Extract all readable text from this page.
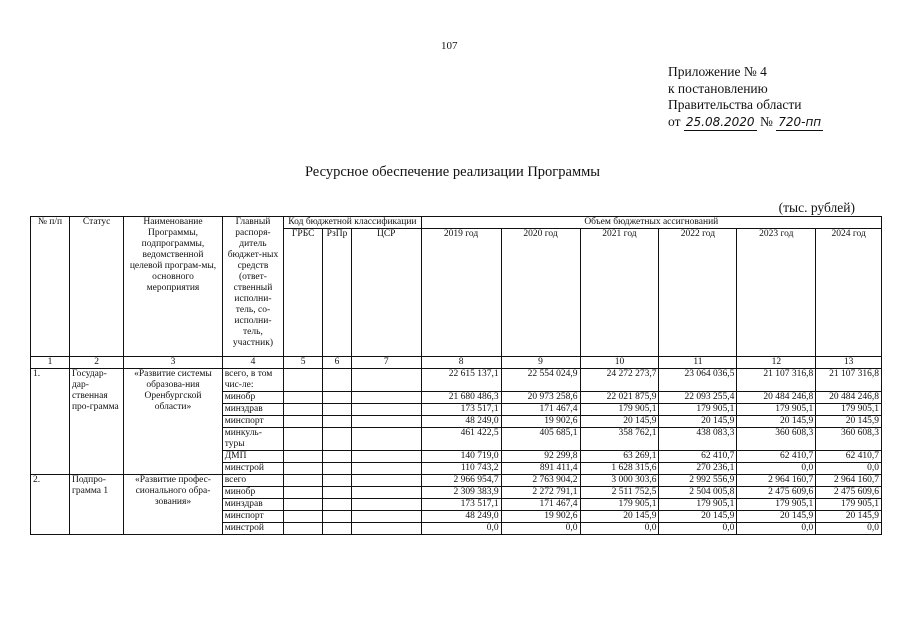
107
Приложение № 4
к постановлению
Правительства области
от 25.08.2020 № 720-пп
Ресурсное обеспечение реализации Программы
(тыс. рублей)
№ п/п	Статус	Наименование Программы, подпрограммы, ведомственной целевой програм-мы, основного мероприятия	Главный распоря-дитель бюджет-ных средств (ответ-ственный исполни-тель, со-исполни-тель, участник)	Код бюджетной классификации			Объем бюджетных ассигнований					
				ГРБС	РзПр	ЦСР	2019 год	2020 год	2021 год	2022 год	2023 год	2024 год
1	2	3	4	5	6	7	8	9	10	11	12	13
1.	Государ-дар-ственная про-грамма	«Развитие системы образова-ния Оренбургской области»	всего, в том чис-ле:				22 615 137,1	22 554 024,9	24 272 273,7	23 064 036,5	21 107 316,8	21 107 316,8
			минобр				21 680 486,3	20 973 258,6	22 021 875,9	22 093 255,4	20 484 246,8	20 484 246,8
			минздрав				173 517,1	171 467,4	179 905,1	179 905,1	179 905,1	179 905,1
			минспорт				48 249,0	19 902,6	20 145,9	20 145,9	20 145,9	20 145,9
			минкуль-туры				461 422,5	405 685,1	358 762,1	438 083,3	360 608,3	360 608,3
			ДМП				140 719,0	92 299,8	63 269,1	62 410,7	62 410,7	62 410,7
			минстрой				110 743,2	891 411,4	1 628 315,6	270 236,1	0,0	0,0
2.	Подпро-грамма 1	«Развитие профес-сионального обра-зования»	всего				2 966 954,7	2 763 904,2	3 000 303,6	2 992 556,9	2 964 160,7	2 964 160,7
			минобр				2 309 383,9	2 272 791,1	2 511 752,5	2 504 005,8	2 475 609,6	2 475 609,6
			минздрав				173 517,1	171 467,4	179 905,1	179 905,1	179 905,1	179 905,1
			минспорт				48 249,0	19 902,6	20 145,9	20 145,9	20 145,9	20 145,9
			минстрой				0,0	0,0	0,0	0,0	0,0	0,0
